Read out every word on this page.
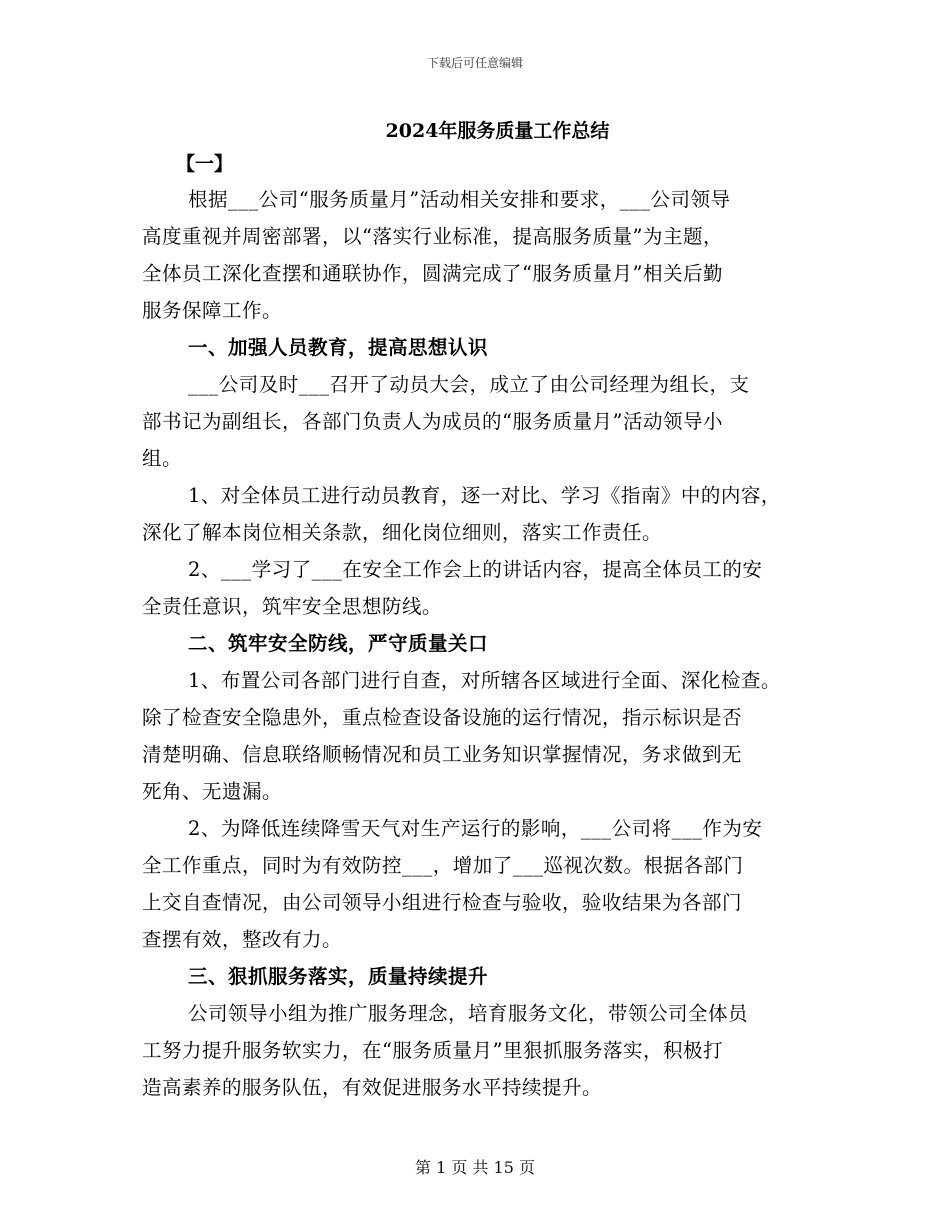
下载后可任意编辑
2024年服务质量工作总结
【一】
根据___公司“服务质量月”活动相关安排和要求，___公司领导
高度重视并周密部署，以“落实行业标准，提高服务质量”为主题，
全体员工深化查摆和通联协作，圆满完成了“服务质量月”相关后勤
服务保障工作。
一、加强人员教育，提高思想认识
___公司及时___召开了动员大会，成立了由公司经理为组长，支
部书记为副组长，各部门负责人为成员的“服务质量月”活动领导小
组。
1、对全体员工进行动员教育，逐一对比、学习《指南》中的内容，
深化了解本岗位相关条款，细化岗位细则，落实工作责任。
2、___学习了___在安全工作会上的讲话内容，提高全体员工的安
全责任意识，筑牢安全思想防线。
二、筑牢安全防线，严守质量关口
1、布置公司各部门进行自查，对所辖各区域进行全面、深化检查。
除了检查安全隐患外，重点检查设备设施的运行情况，指示标识是否
清楚明确、信息联络顺畅情况和员工业务知识掌握情况，务求做到无
死角、无遗漏。
2、为降低连续降雪天气对生产运行的影响，___公司将___作为安
全工作重点，同时为有效防控___，增加了___巡视次数。根据各部门
上交自查情况，由公司领导小组进行检查与验收，验收结果为各部门
查摆有效，整改有力。
三、狠抓服务落实，质量持续提升
公司领导小组为推广服务理念，培育服务文化，带领公司全体员
工努力提升服务软实力，在“服务质量月”里狠抓服务落实，积极打
造高素养的服务队伍，有效促进服务水平持续提升。
第 1 页 共 15 页
